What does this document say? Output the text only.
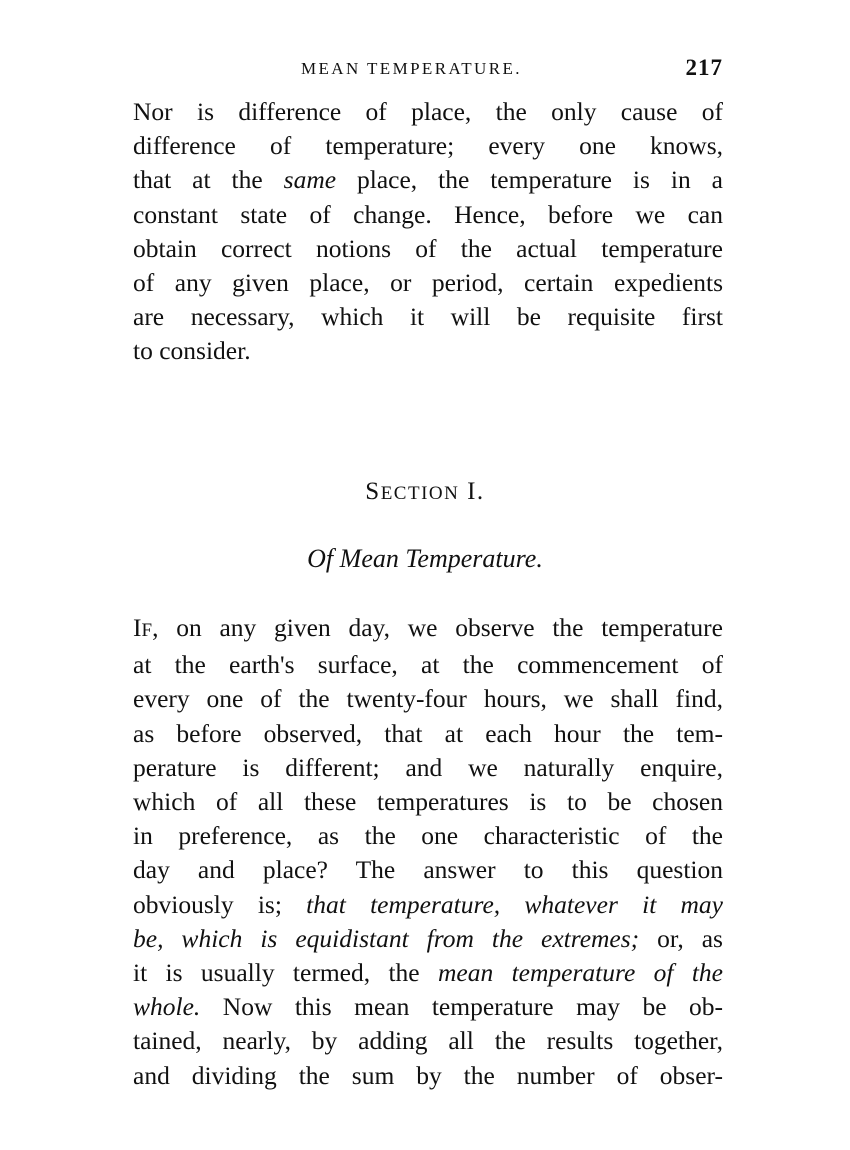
MEAN TEMPERATURE.	217

Nor is difference of place, the only cause of

difference of temperature; every one knows,

that at the same place, the temperature is in a

constant state of change. Hence, before we can

obtain correct notions of the actual temperature

of any given place, or period, certain expedients

are necessary, which it will be requisite first

to consider.

SECTION I.
Of Mean Temperature.

IF, on any given day, we observe the temperature

at the earth's surface, at the commencement of

every one of the twenty-four hours, we shall find,

as before observed, that at each hour the tem-

perature is different; and we naturally enquire,

which of all these temperatures is to be chosen

in preference, as the one characteristic of the

day and place? The answer to this question

obviously is; that temperature, whatever it may

be, which is equidistant from the extremes; or, as

it is usually termed, the mean temperature of the

whole. Now this mean temperature may be ob-

tained, nearly, by adding all the results together,

and dividing the sum by the number of obser-
